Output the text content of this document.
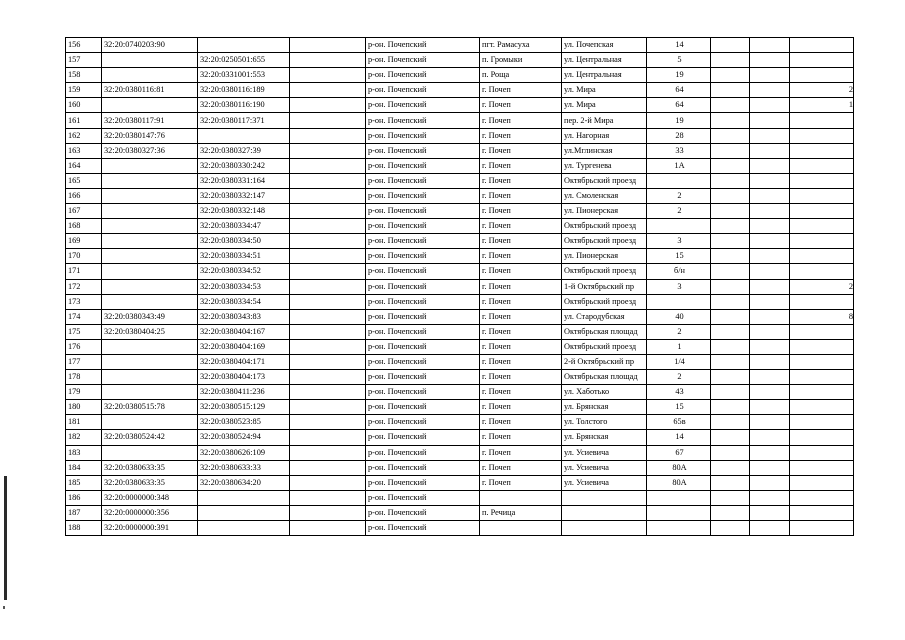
156	32:20:0740203:90			р-он. Почепский	пгт. Рамасуха	ул. Почепская	14			
157		32:20:0250501:655		р-он. Почепский	п. Громыки	ул. Центральная	5			
158		32:20:0331001:553		р-он. Почепский	п. Роща	ул. Центральная	19			
159	32:20:0380116:81	32:20:0380116:189		р-он. Почепский	г. Почеп	ул. Мира	64			2
160		32:20:0380116:190		р-он. Почепский	г. Почеп	ул. Мира	64			1
161	32:20:0380117:91	32:20:0380117:371		р-он. Почепский	г. Почеп	пер. 2-й Мира	19			
162	32:20:0380147:76			р-он. Почепский	г. Почеп	ул. Нагорная	28			
163	32:20:0380327:36	32:20:0380327:39		р-он. Почепский	г. Почеп	ул.Мглинская	33			
164		32:20:0380330:242		р-он. Почепский	г. Почеп	ул. Тургенева	1А			
165		32:20:0380331:164		р-он. Почепский	г. Почеп	Октябрьский проезд				
166		32:20:0380332:147		р-он. Почепский	г. Почеп	ул. Смоленская	2			
167		32:20:0380332:148		р-он. Почепский	г. Почеп	ул. Пионерская	2			
168		32:20:0380334:47		р-он. Почепский	г. Почеп	Октябрьский проезд				
169		32:20:0380334:50		р-он. Почепский	г. Почеп	Октябрьский проезд	3			
170		32:20:0380334:51		р-он. Почепский	г. Почеп	ул. Пионерская	15			
171		32:20:0380334:52		р-он. Почепский	г. Почеп	Октябрьский проезд	б/н			
172		32:20:0380334:53		р-он. Почепский	г. Почеп	1-й Октябрьский пр	3			2
173		32:20:0380334:54		р-он. Почепский	г. Почеп	Октябрьский проезд				
174	32:20:0380343:49	32:20:0380343:83		р-он. Почепский	г. Почеп	ул. Стародубская	40			8
175	32:20:0380404:25	32:20:0380404:167		р-он. Почепский	г. Почеп	Октябрьская площад	2			
176		32:20:0380404:169		р-он. Почепский	г. Почеп	Октябрьский проезд	1			
177		32:20:0380404:171		р-он. Почепский	г. Почеп	2-й Октябрьский пр	1/4			
178		32:20:0380404:173		р-он. Почепский	г. Почеп	Октябрьская площад	2			
179		32:20:0380411:236		р-он. Почепский	г. Почеп	ул. Хаботько	43			
180	32:20:0380515:78	32:20:0380515:129		р-он. Почепский	г. Почеп	ул. Брянская	15			
181		32:20:0380523:85		р-он. Почепский	г. Почеп	ул. Толстого	65в			
182	32:20:0380524:42	32:20:0380524:94		р-он. Почепский	г. Почеп	ул. Брянская	14			
183		32:20:0380626:109		р-он. Почепский	г. Почеп	ул. Усиевича	67			
184	32:20:0380633:35	32:20:0380633:33		р-он. Почепский	г. Почеп	ул. Усиевича	80А			
185	32:20:0380633:35	32:20:0380634:20		р-он. Почепский	г. Почеп	ул. Усиевича	80А			
186	32:20:0000000:348			р-он. Почепский						
187	32:20:0000000:356			р-он. Почепский	п. Речица					
188	32:20:0000000:391			р-он. Почепский						
